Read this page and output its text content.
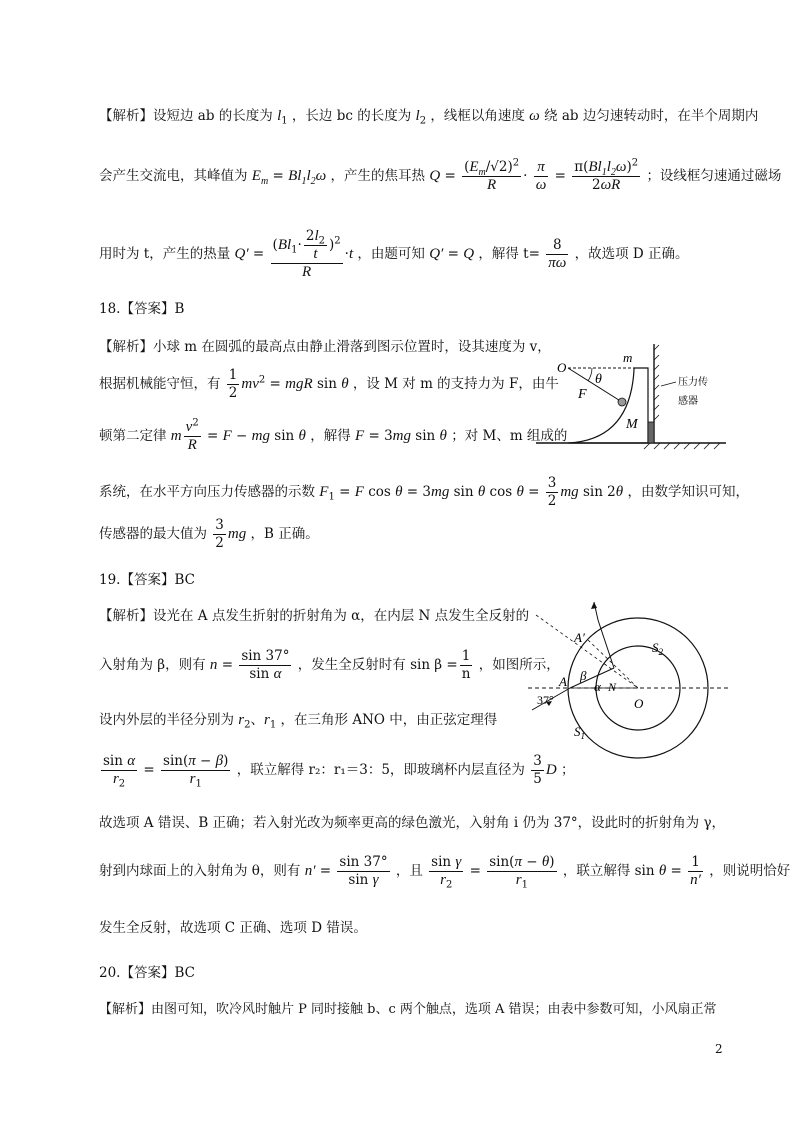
【解析】设短边 ab 的长度为 $l_1$ ，长边 bc 的长度为 $l_2$ ，线框以角速度 ω 绕 ab 边匀速转动时，在半个周期内
会产生交流电，其峰值为 $E_m = Bl_1l_2\omega$ ，产生的焦耳热 $Q = \frac{(E_m/√2)^2}{R} \cdot \frac{\pi}{\omega} = \frac{\pi(Bl_1l_2\omega)^2}{2\omega R}$ ；设线框匀速通过磁场
用时为 t，产生的热量 $Q' = \frac{(Bl_1\cdot \frac{2l_2}{t} )^2}{R} \cdot t$ ，由题可知 Q′ = Q ，解得 $t= \frac{8}{\pi\omega}$ ，故选项 D 正确。
18.【答案】B
【解析】小球 m 在圆弧的最高点由静止滑落到图示位置时，设其速度为 v，
根据机械能守恒，有 $\frac{1}{2} mv^2$ = mgR sin θ ，设 M 对 m 的支持力为 F，由牛
顿第二定律 m $\frac{v^2}{R} = F$ − mg sin θ ，解得 F = 3mg sin θ ；对 M、m 组成的
系统，在水平方向压力传感器的示数 $F_1 = F$ cos θ = 3mg sin θ $\cos \theta = \frac{3}{2}$ mg sin 2θ ，由数学知识可知，
传感器的最大值为 $\frac{3}{2}$ mg ，B 正确。
O
m
θ
F
M
压力传
感器
19.【答案】BC
【解析】设光在 A 点发生折射的折射角为 α，在内层 N 点发生全反射的
入射角为 β，则有 $n = \frac{\sin 37^\circ}{\text{sin α}}$ ，发生全反射时有 $\sin \beta = \frac{1}{n}$ ，如图所示，
设内外层的半径分别为 $r_2$、$r_1$ ，在三角形 ANO 中，由正弦定理得
$\frac{\text{sin α}}{r_2} = \frac{\sin(\pi - \beta)}{r_1}$ ，联立解得 r₂：r₁＝3：5，即玻璃杯内层直径为 $\frac{3}{5}$ D ；
故选项 A 错误、B 正确；若入射光改为频率更高的绿色激光，入射角 i 仍为 37°，设此时的折射角为 γ，
射到内球面上的入射角为 θ，则有 $n' = \frac{\sin 37^\circ}{\text{sin γ}}$ ，且 $\frac{\text{sin γ}}{r_2} = \frac{\sin(\pi - \theta)}{r_1}$ ，联立解得 $\sin \theta = \frac{1}{n'}$ ，则说明恰好
发生全反射，故选项 C 正确、选项 D 错误。
A′
A β
α N
O
37°
$S_2$
$S_1$
20.【答案】BC
【解析】由图可知，吹冷风时触片 P 同时接触 b、c 两个触点，选项 A 错误；由表中参数可知，小风扇正常
2
